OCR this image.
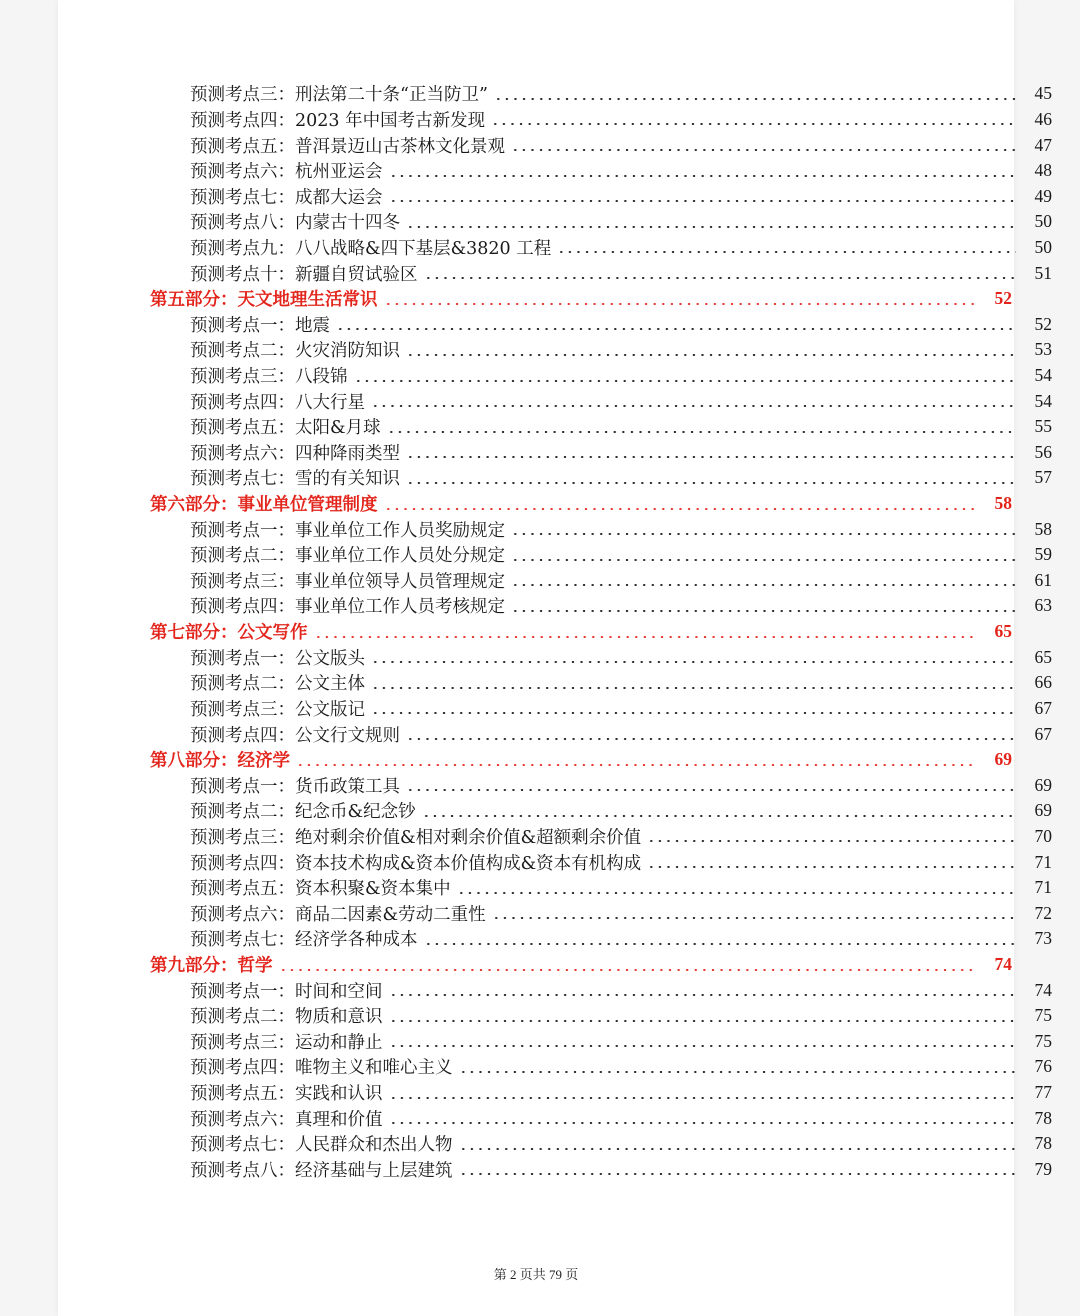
预测考点三：刑法第二十条“正当防卫”	45
预测考点四：2023 年中国考古新发现	46
预测考点五：普洱景迈山古茶林文化景观	47
预测考点六：杭州亚运会	48
预测考点七：成都大运会	49
预测考点八：内蒙古十四冬	50
预测考点九：八八战略&四下基层&3820 工程	50
预测考点十：新疆自贸试验区	51
第五部分：天文地理生活常识	52
预测考点一：地震	52
预测考点二：火灾消防知识	53
预测考点三：八段锦	54
预测考点四：八大行星	54
预测考点五：太阳&月球	55
预测考点六：四种降雨类型	56
预测考点七：雪的有关知识	57
第六部分：事业单位管理制度	58
预测考点一：事业单位工作人员奖励规定	58
预测考点二：事业单位工作人员处分规定	59
预测考点三：事业单位领导人员管理规定	61
预测考点四：事业单位工作人员考核规定	63
第七部分：公文写作	65
预测考点一：公文版头	65
预测考点二：公文主体	66
预测考点三：公文版记	67
预测考点四：公文行文规则	67
第八部分：经济学	69
预测考点一：货币政策工具	69
预测考点二：纪念币&纪念钞	69
预测考点三：绝对剩余价值&相对剩余价值&超额剩余价值	70
预测考点四：资本技术构成&资本价值构成&资本有机构成	71
预测考点五：资本积聚&资本集中	71
预测考点六：商品二因素&劳动二重性	72
预测考点七：经济学各种成本	73
第九部分：哲学	74
预测考点一：时间和空间	74
预测考点二：物质和意识	75
预测考点三：运动和静止	75
预测考点四：唯物主义和唯心主义	76
预测考点五：实践和认识	77
预测考点六：真理和价值	78
预测考点七：人民群众和杰出人物	78
预测考点八：经济基础与上层建筑	79
第 2 页共 79 页
